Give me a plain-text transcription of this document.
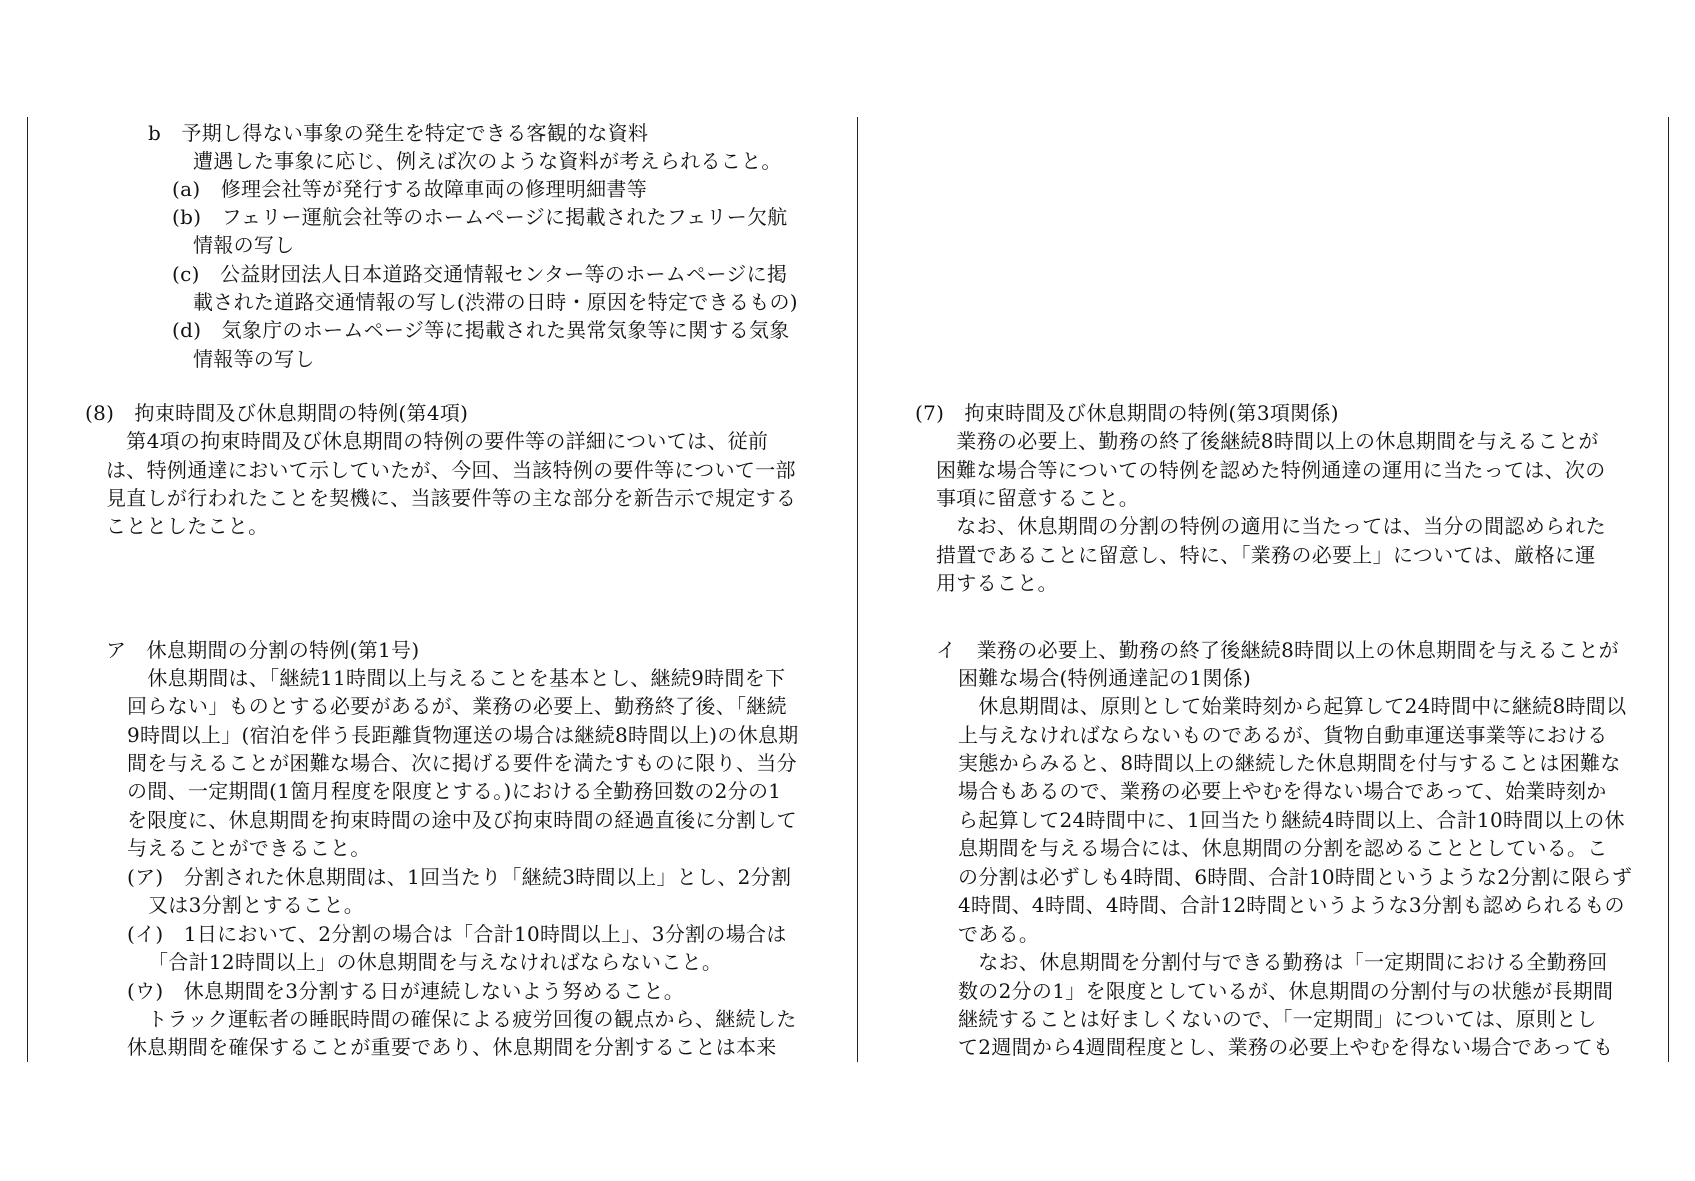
b　予期し得ない事象の発生を特定できる客観的な資料
遭遇した事象に応じ、例えば次のような資料が考えられること。
(a)　修理会社等が発行する故障車両の修理明細書等
(b)　フェリー運航会社等のホームページに掲載されたフェリー欠航
情報の写し
(c)　公益財団法人日本道路交通情報センター等のホームページに掲
載された道路交通情報の写し(渋滞の日時・原因を特定できるもの)
(d)　気象庁のホームページ等に掲載された異常気象等に関する気象
情報等の写し
(8)　拘束時間及び休息期間の特例(第4項)
　第4項の拘束時間及び休息期間の特例の要件等の詳細については、従前
は、特例通達において示していたが、今回、当該特例の要件等について一部
見直しが行われたことを契機に、当該要件等の主な部分を新告示で規定する
こととしたこと。
ア　休息期間の分割の特例(第1号)
　休息期間は、「継続11時間以上与えることを基本とし、継続9時間を下
回らない」ものとする必要があるが、業務の必要上、勤務終了後、「継続
9時間以上」(宿泊を伴う長距離貨物運送の場合は継続8時間以上)の休息期
間を与えることが困難な場合、次に掲げる要件を満たすものに限り、当分
の間、一定期間(1箇月程度を限度とする。)における全勤務回数の2分の1
を限度に、休息期間を拘束時間の途中及び拘束時間の経過直後に分割して
与えることができること。
(ア)　分割された休息期間は、1回当たり「継続3時間以上」とし、2分割
又は3分割とすること。
(イ)　1日において、2分割の場合は「合計10時間以上」、3分割の場合は
「合計12時間以上」の休息期間を与えなければならないこと。
(ウ)　休息期間を3分割する日が連続しないよう努めること。
　トラック運転者の睡眠時間の確保による疲労回復の観点から、継続した
休息期間を確保することが重要であり、休息期間を分割することは本来
(7)　拘束時間及び休息期間の特例(第3項関係)
　業務の必要上、勤務の終了後継続8時間以上の休息期間を与えることが
困難な場合等についての特例を認めた特例通達の運用に当たっては、次の
事項に留意すること。
　なお、休息期間の分割の特例の適用に当たっては、当分の間認められた
措置であることに留意し、特に、「業務の必要上」については、厳格に運
用すること。
イ　業務の必要上、勤務の終了後継続8時間以上の休息期間を与えることが
困難な場合(特例通達記の1関係)
　休息期間は、原則として始業時刻から起算して24時間中に継続8時間以
上与えなければならないものであるが、貨物自動車運送事業等における
実態からみると、8時間以上の継続した休息期間を付与することは困難な
場合もあるので、業務の必要上やむを得ない場合であって、始業時刻か
ら起算して24時間中に、1回当たり継続4時間以上、合計10時間以上の休
息期間を与える場合には、休息期間の分割を認めることとしている。こ
の分割は必ずしも4時間、6時間、合計10時間というような2分割に限らず
4時間、4時間、4時間、合計12時間というような3分割も認められるもの
である。
　なお、休息期間を分割付与できる勤務は「一定期間における全勤務回
数の2分の1」を限度としているが、休息期間の分割付与の状態が長期間
継続することは好ましくないので、「一定期間」については、原則とし
て2週間から4週間程度とし、業務の必要上やむを得ない場合であっても
